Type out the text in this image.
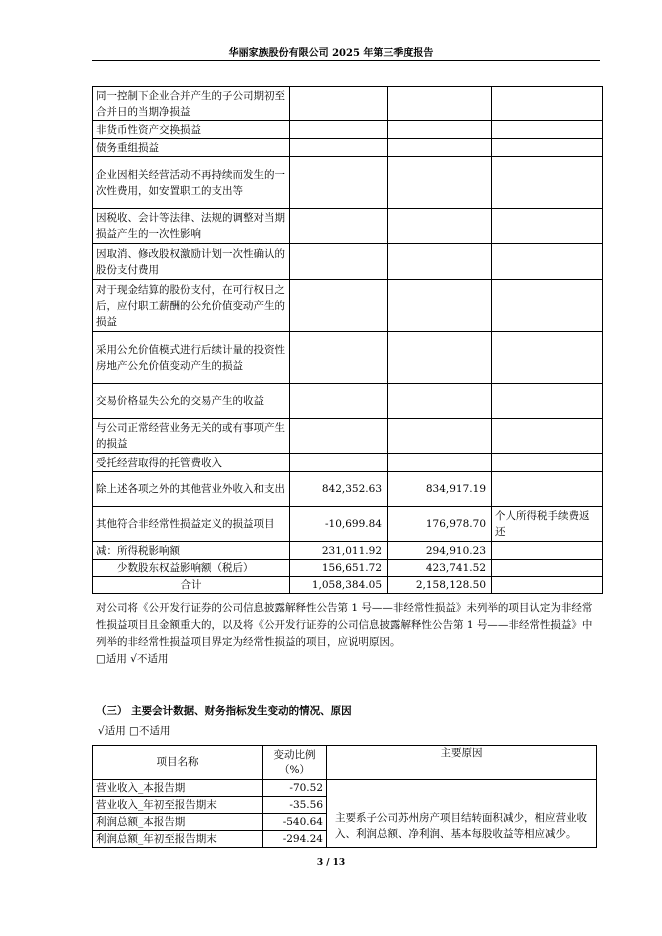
华丽家族股份有限公司 2025 年第三季度报告
同一控制下企业合并产生的子公司期初至合并日的当期净损益			
非货币性资产交换损益			
债务重组损益			
企业因相关经营活动不再持续而发生的一次性费用，如安置职工的支出等			
因税收、会计等法律、法规的调整对当期损益产生的一次性影响			
因取消、修改股权激励计划一次性确认的股份支付费用			
对于现金结算的股份支付，在可行权日之后，应付职工薪酬的公允价值变动产生的损益			
采用公允价值模式进行后续计量的投资性房地产公允价值变动产生的损益			
交易价格显失公允的交易产生的收益			
与公司正常经营业务无关的或有事项产生的损益			
受托经营取得的托管费收入			
除上述各项之外的其他营业外收入和支出	842,352.63	834,917.19	
其他符合非经常性损益定义的损益项目	-10,699.84	176,978.70	个人所得税手续费返还
减：所得税影响额	231,011.92	294,910.23	
少数股东权益影响额（税后）	156,651.72	423,741.52	
合计	1,058,384.05	2,158,128.50	
对公司将《公开发行证券的公司信息披露解释性公告第 1 号——非经常性损益》未列举的项目认定为非经常性损益项目且金额重大的，以及将《公开发行证券的公司信息披露解释性公告第 1 号——非经常性损益》中列举的非经常性损益项目界定为经常性损益的项目，应说明原因。
□适用 √不适用
（三） 主要会计数据、财务指标发生变动的情况、原因
√适用 □不适用
项目名称	变动比例（%）	主要原因
营业收入_本报告期	-70.52	主要系子公司苏州房产项目结转面积减少，相应营业收入、利润总额、净利润、基本每股收益等相应减少。
营业收入_年初至报告期末	-35.56	
利润总额_本报告期	-540.64	
利润总额_年初至报告期末	-294.24	
3 / 13
